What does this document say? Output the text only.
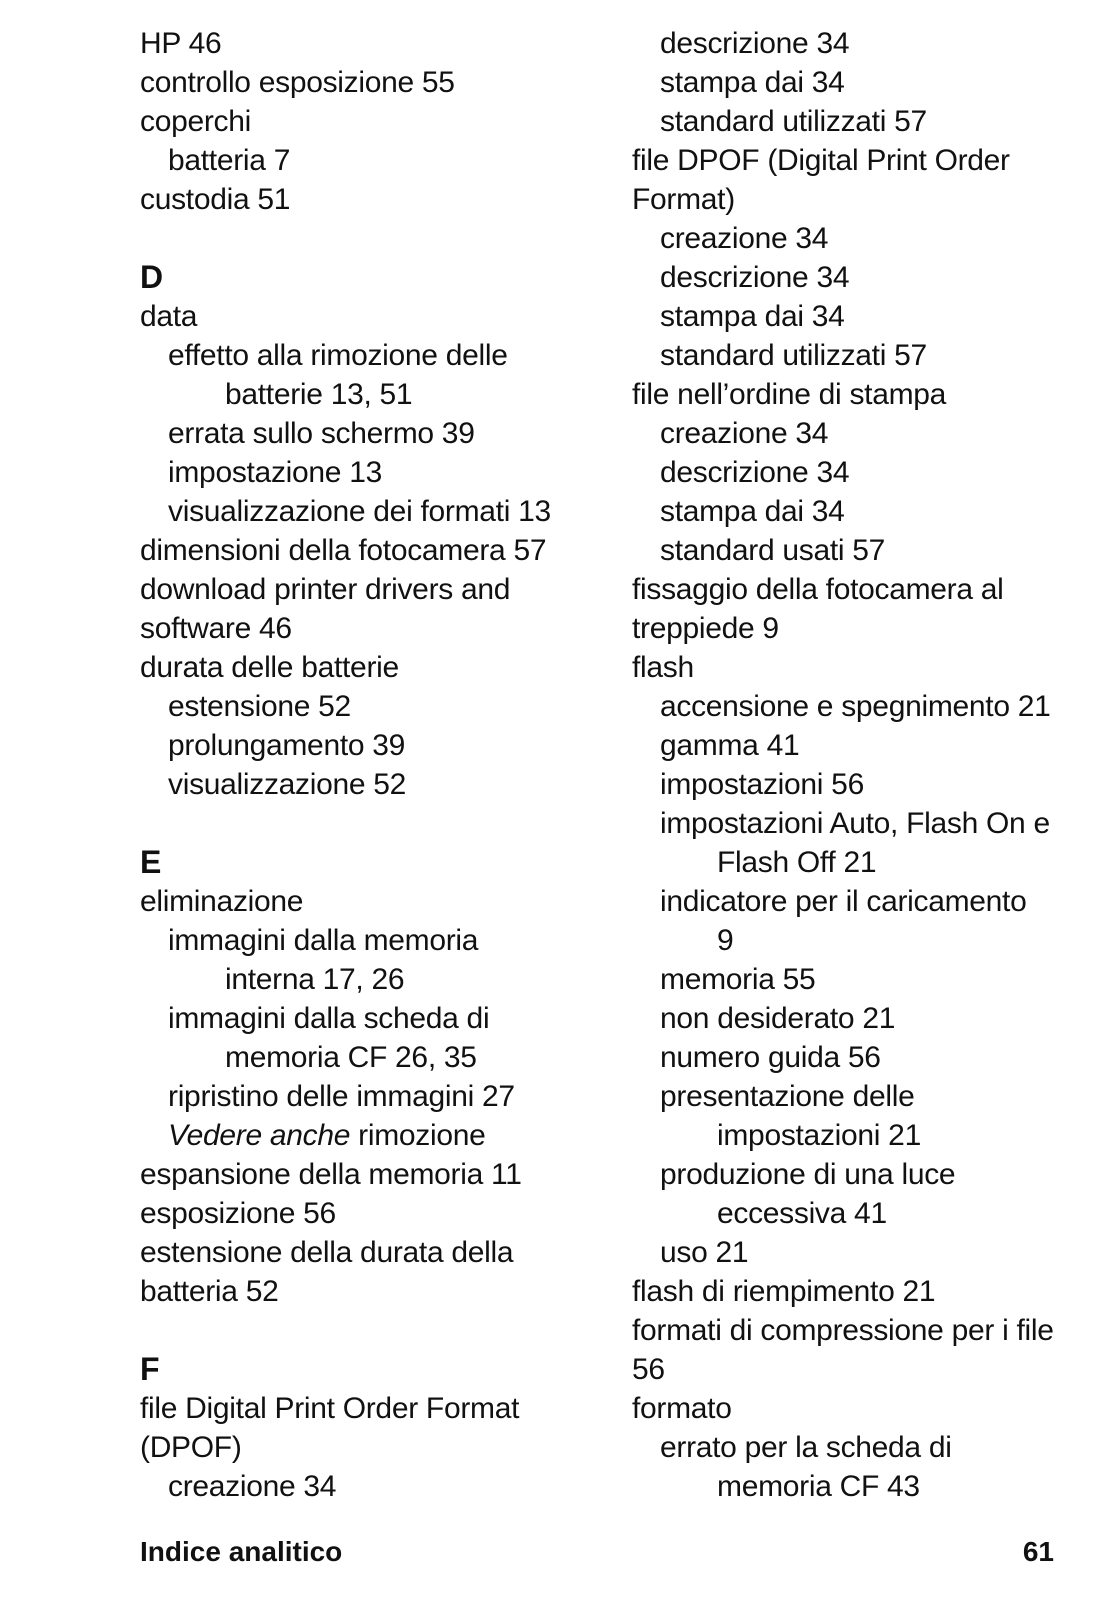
HP 46
controllo esposizione 55
coperchi
batteria 7
custodia 51
D
data
effetto alla rimozione delle
batterie 13, 51
errata sullo schermo 39
impostazione 13
visualizzazione dei formati 13
dimensioni della fotocamera 57
download printer drivers and
software 46
durata delle batterie
estensione 52
prolungamento 39
visualizzazione 52
E
eliminazione
immagini dalla memoria
interna 17, 26
immagini dalla scheda di
memoria CF 26, 35
ripristino delle immagini 27
Vedere anche rimozione
espansione della memoria 11
esposizione 56
estensione della durata della
batteria 52
F
file Digital Print Order Format
(DPOF)
creazione 34
descrizione 34
stampa dai 34
standard utilizzati 57
file DPOF (Digital Print Order
Format)
creazione 34
descrizione 34
stampa dai 34
standard utilizzati 57
file nell’ordine di stampa
creazione 34
descrizione 34
stampa dai 34
standard usati 57
fissaggio della fotocamera al
treppiede 9
flash
accensione e spegnimento 21
gamma 41
impostazioni 56
impostazioni Auto, Flash On e
Flash Off 21
indicatore per il caricamento
9
memoria 55
non desiderato 21
numero guida 56
presentazione delle
impostazioni 21
produzione di una luce
eccessiva 41
uso 21
flash di riempimento 21
formati di compressione per i file
56
formato
errato per la scheda di
memoria CF 43
Indice analitico	61
